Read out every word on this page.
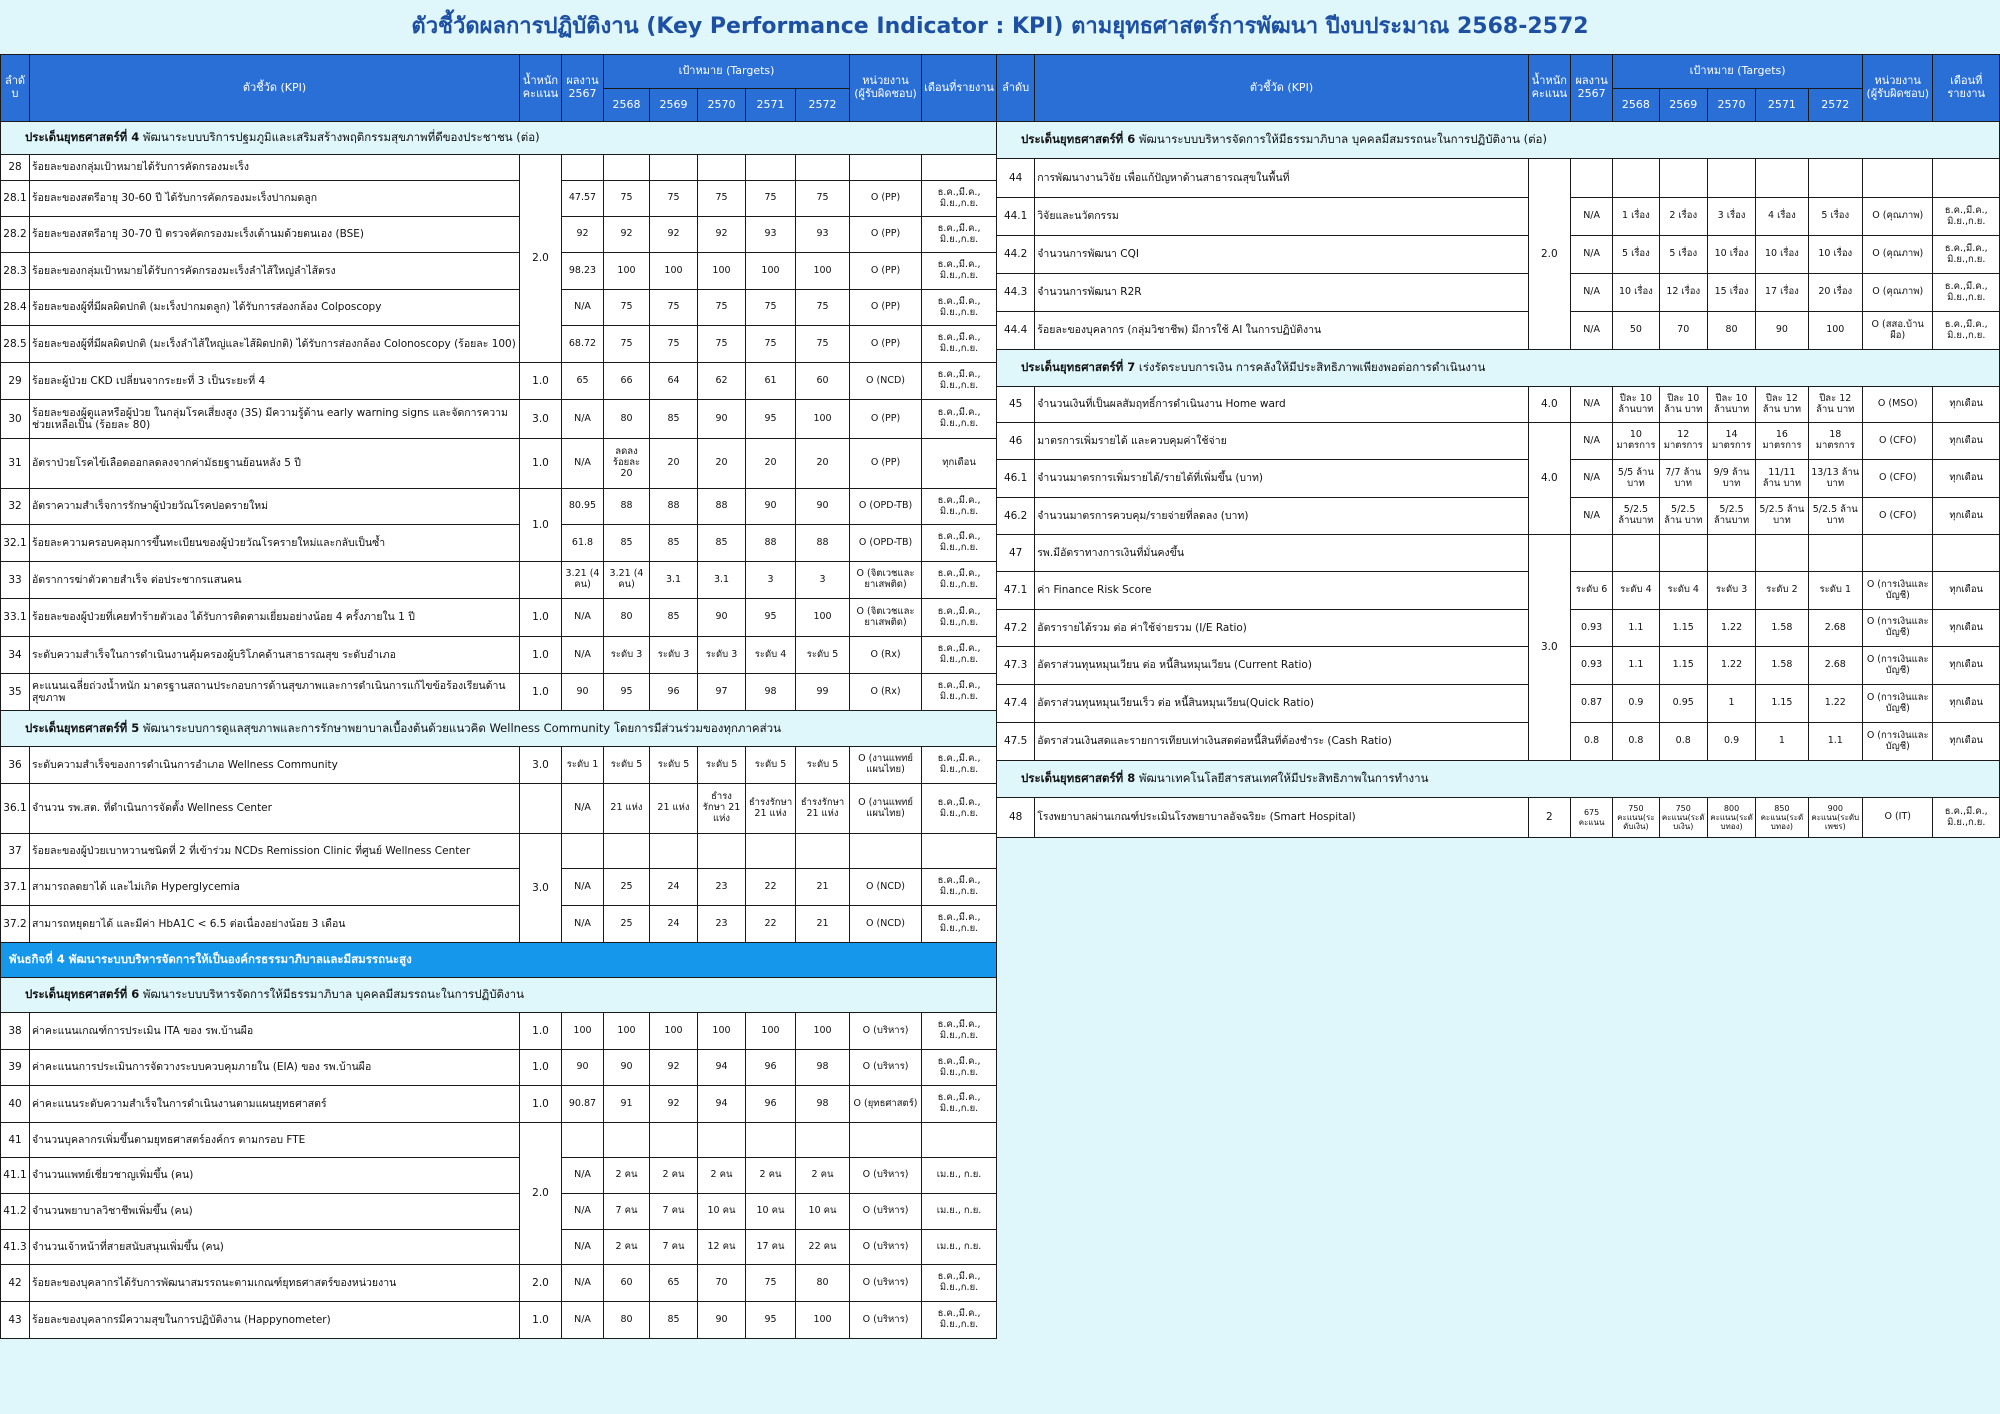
ตัวชี้วัดผลการปฏิบัติงาน (Key Performance Indicator : KPI) ตามยุทธศาสตร์การพัฒนา ปีงบประมาณ 2568-2572
ลำดับ	ตัวชี้วัด (KPI)	น้ำหนักคะแนน	ผลงาน 2567	เป้าหมาย (Targets)					หน่วยงาน (ผู้รับผิดชอบ)	เดือนที่รายงาน
				2568	2569	2570	2571	2572		
ประเด็นยุทธศาสตร์ที่ 4 พัฒนาระบบบริการปฐมภูมิและเสริมสร้างพฤติกรรมสุขภาพที่ดีของประชาชน (ต่อ)										
28	ร้อยละของกลุ่มเป้าหมายได้รับการคัดกรองมะเร็ง	2.0								
28.1	ร้อยละของสตรีอายุ 30-60 ปี ได้รับการคัดกรองมะเร็งปากมดลูก		47.57	75	75	75	75	75	O (PP)	ธ.ค.,มี.ค., มิ.ย.,ก.ย.
28.2	ร้อยละของสตรีอายุ 30-70 ปี ตรวจคัดกรองมะเร็งเต้านมด้วยตนเอง (BSE)		92	92	92	92	93	93	O (PP)	ธ.ค.,มี.ค., มิ.ย.,ก.ย.
28.3	ร้อยละของกลุ่มเป้าหมายได้รับการคัดกรองมะเร็งลำไส้ใหญ่ลำไส้ตรง		98.23	100	100	100	100	100	O (PP)	ธ.ค.,มี.ค., มิ.ย.,ก.ย.
28.4	ร้อยละของผู้ที่มีผลผิดปกติ (มะเร็งปากมดลูก) ได้รับการส่องกล้อง Colposcopy		N/A	75	75	75	75	75	O (PP)	ธ.ค.,มี.ค., มิ.ย.,ก.ย.
28.5	ร้อยละของผู้ที่มีผลผิดปกติ (มะเร็งลำไส้ใหญ่และไส้ผิดปกติ) ได้รับการส่องกล้อง Colonoscopy (ร้อยละ 100)		68.72	75	75	75	75	75	O (PP)	ธ.ค.,มี.ค., มิ.ย.,ก.ย.
29	ร้อยละผู้ป่วย CKD เปลี่ยนจากระยะที่ 3 เป็นระยะที่ 4	1.0	65	66	64	62	61	60	O (NCD)	ธ.ค.,มี.ค., มิ.ย.,ก.ย.
30	ร้อยละของผู้ดูแลหรือผู้ป่วย ในกลุ่มโรคเสี่ยงสูง (3S) มีความรู้ด้าน early warning signs และจัดการความช่วยเหลือเป็น (ร้อยละ 80)	3.0	N/A	80	85	90	95	100	O (PP)	ธ.ค.,มี.ค., มิ.ย.,ก.ย.
31	อัตราป่วยโรคไข้เลือดออกลดลงจากค่ามัธยฐานย้อนหลัง 5 ปี	1.0	N/A	ลดลง ร้อยละ 20	20	20	20	20	O (PP)	ทุกเดือน
32	อัตราความสำเร็จการรักษาผู้ป่วยวัณโรคปอดรายใหม่	1.0	80.95	88	88	88	90	90	O (OPD-TB)	ธ.ค.,มี.ค., มิ.ย.,ก.ย.
32.1	ร้อยละความครอบคลุมการขึ้นทะเบียนของผู้ป่วยวัณโรครายใหม่และกลับเป็นซ้ำ		61.8	85	85	85	88	88	O (OPD-TB)	ธ.ค.,มี.ค., มิ.ย.,ก.ย.
33	อัตราการฆ่าตัวตายสำเร็จ ต่อประชากรแสนคน		3.21 (4 คน)	3.21 (4 คน)	3.1	3.1	3	3	O (จิตเวชและ ยาเสพติด)	ธ.ค.,มี.ค., มิ.ย.,ก.ย.
33.1	ร้อยละของผู้ป่วยที่เคยทำร้ายตัวเอง ได้รับการติดตามเยี่ยมอย่างน้อย 4 ครั้งภายใน 1 ปี	1.0	N/A	80	85	90	95	100	O (จิตเวชและ ยาเสพติด)	ธ.ค.,มี.ค., มิ.ย.,ก.ย.
34	ระดับความสำเร็จในการดำเนินงานคุ้มครองผู้บริโภคด้านสาธารณสุข ระดับอำเภอ	1.0	N/A	ระดับ 3	ระดับ 3	ระดับ 3	ระดับ 4	ระดับ 5	O (Rx)	ธ.ค.,มี.ค., มิ.ย.,ก.ย.
35	คะแนนเฉลี่ยถ่วงน้ำหนัก มาตรฐานสถานประกอบการด้านสุขภาพและการดำเนินการแก้ไขข้อร้องเรียนด้านสุขภาพ	1.0	90	95	96	97	98	99	O (Rx)	ธ.ค.,มี.ค., มิ.ย.,ก.ย.
ประเด็นยุทธศาสตร์ที่ 5 พัฒนาระบบการดูแลสุขภาพและการรักษาพยาบาลเบื้องต้นด้วยแนวคิด Wellness Community โดยการมีส่วนร่วมของทุกภาคส่วน										
36	ระดับความสำเร็จของการดำเนินการอำเภอ Wellness Community	3.0	ระดับ 1	ระดับ 5	ระดับ 5	ระดับ 5	ระดับ 5	ระดับ 5	O (งานแพทย์ แผนไทย)	ธ.ค.,มี.ค., มิ.ย.,ก.ย.
36.1	จำนวน รพ.สต. ที่ดำเนินการจัดตั้ง Wellness Center		N/A	21 แห่ง	21 แห่ง	ธำรง รักษา 21 แห่ง	ธำรงรักษา 21 แห่ง	ธำรงรักษา 21 แห่ง	O (งานแพทย์ แผนไทย)	ธ.ค.,มี.ค., มิ.ย.,ก.ย.
37	ร้อยละของผู้ป่วยเบาหวานชนิดที่ 2 ที่เข้าร่วม NCDs Remission Clinic ที่ศูนย์ Wellness Center	3.0								
37.1	สามารถลดยาได้ และไม่เกิด Hyperglycemia		N/A	25	24	23	22	21	O (NCD)	ธ.ค.,มี.ค., มิ.ย.,ก.ย.
37.2	สามารถหยุดยาได้ และมีค่า HbA1C < 6.5 ต่อเนื่องอย่างน้อย 3 เดือน		N/A	25	24	23	22	21	O (NCD)	ธ.ค.,มี.ค., มิ.ย.,ก.ย.
พันธกิจที่ 4 พัฒนาระบบบริหารจัดการให้เป็นองค์กรธรรมาภิบาลและมีสมรรถนะสูง										
ประเด็นยุทธศาสตร์ที่ 6 พัฒนาระบบบริหารจัดการให้มีธรรมาภิบาล บุคคลมีสมรรถนะในการปฏิบัติงาน										
38	ค่าคะแนนเกณฑ์การประเมิน ITA ของ รพ.บ้านผือ	1.0	100	100	100	100	100	100	O (บริหาร)	ธ.ค.,มี.ค., มิ.ย.,ก.ย.
39	ค่าคะแนนการประเมินการจัดวางระบบควบคุมภายใน (EIA) ของ รพ.บ้านผือ	1.0	90	90	92	94	96	98	O (บริหาร)	ธ.ค.,มี.ค., มิ.ย.,ก.ย.
40	ค่าคะแนนระดับความสำเร็จในการดำเนินงานตามแผนยุทธศาสตร์	1.0	90.87	91	92	94	96	98	O (ยุทธศาสตร์)	ธ.ค.,มี.ค., มิ.ย.,ก.ย.
41	จำนวนบุคลากรเพิ่มขึ้นตามยุทธศาสตร์องค์กร ตามกรอบ FTE	2.0								
41.1	จำนวนแพทย์เชี่ยวชาญเพิ่มขึ้น (คน)		N/A	2 คน	2 คน	2 คน	2 คน	2 คน	O (บริหาร)	เม.ย., ก.ย.
41.2	จำนวนพยาบาลวิชาชีพเพิ่มขึ้น (คน)		N/A	7 คน	7 คน	10 คน	10 คน	10 คน	O (บริหาร)	เม.ย., ก.ย.
41.3	จำนวนเจ้าหน้าที่สายสนับสนุนเพิ่มขึ้น (คน)		N/A	2 คน	7 คน	12 คน	17 คน	22 คน	O (บริหาร)	เม.ย., ก.ย.
42	ร้อยละของบุคลากรได้รับการพัฒนาสมรรถนะตามเกณฑ์ยุทธศาสตร์ของหน่วยงาน	2.0	N/A	60	65	70	75	80	O (บริหาร)	ธ.ค.,มี.ค., มิ.ย.,ก.ย.
43	ร้อยละของบุคลากรมีความสุขในการปฏิบัติงาน (Happynometer)	1.0	N/A	80	85	90	95	100	O (บริหาร)	ธ.ค.,มี.ค., มิ.ย.,ก.ย.
ลำดับ	ตัวชี้วัด (KPI)	น้ำหนักคะแนน	ผลงาน 2567	เป้าหมาย (Targets)					หน่วยงาน (ผู้รับผิดชอบ)	เดือนที่รายงาน
				2568	2569	2570	2571	2572		
ประเด็นยุทธศาสตร์ที่ 6 พัฒนาระบบบริหารจัดการให้มีธรรมาภิบาล บุคคลมีสมรรถนะในการปฏิบัติงาน (ต่อ)										
44	การพัฒนางานวิจัย เพื่อแก้ปัญหาด้านสาธารณสุขในพื้นที่	2.0								
44.1	วิจัยและนวัตกรรม		N/A	1 เรื่อง	2 เรื่อง	3 เรื่อง	4 เรื่อง	5 เรื่อง	O (คุณภาพ)	ธ.ค.,มี.ค., มิ.ย.,ก.ย.
44.2	จำนวนการพัฒนา CQI		N/A	5 เรื่อง	5 เรื่อง	10 เรื่อง	10 เรื่อง	10 เรื่อง	O (คุณภาพ)	ธ.ค.,มี.ค., มิ.ย.,ก.ย.
44.3	จำนวนการพัฒนา R2R		N/A	10 เรื่อง	12 เรื่อง	15 เรื่อง	17 เรื่อง	20 เรื่อง	O (คุณภาพ)	ธ.ค.,มี.ค., มิ.ย.,ก.ย.
44.4	ร้อยละของบุคลากร (กลุ่มวิชาชีพ) มีการใช้ AI ในการปฏิบัติงาน		N/A	50	70	80	90	100	O (สสอ.บ้าน ผือ)	ธ.ค.,มี.ค., มิ.ย.,ก.ย.
ประเด็นยุทธศาสตร์ที่ 7 เร่งรัดระบบการเงิน การคลังให้มีประสิทธิภาพเพียงพอต่อการดำเนินงาน										
45	จำนวนเงินที่เป็นผลสัมฤทธิ์การดำเนินงาน Home ward	4.0	N/A	ปีละ 10 ล้านบาท	ปีละ 10 ล้าน บาท	ปีละ 10 ล้านบาท	ปีละ 12 ล้าน บาท	ปีละ 12 ล้าน บาท	O (MSO)	ทุกเดือน
46	มาตรการเพิ่มรายได้ และควบคุมค่าใช้จ่าย	4.0	N/A	10 มาตรการ	12 มาตรการ	14 มาตรการ	16 มาตรการ	18 มาตรการ	O (CFO)	ทุกเดือน
46.1	จำนวนมาตรการเพิ่มรายได้/รายได้ที่เพิ่มขึ้น (บาท)		N/A	5/5 ล้าน บาท	7/7 ล้าน บาท	9/9 ล้าน บาท	11/11 ล้าน บาท	13/13 ล้าน บาท	O (CFO)	ทุกเดือน
46.2	จำนวนมาตรการควบคุม/รายจ่ายที่ลดลง (บาท)		N/A	5/2.5 ล้านบาท	5/2.5 ล้าน บาท	5/2.5 ล้านบาท	5/2.5 ล้าน บาท	5/2.5 ล้าน บาท	O (CFO)	ทุกเดือน
47	รพ.มีอัตราทางการเงินที่มั่นคงขึ้น	3.0								
47.1	ค่า Finance Risk Score		ระดับ 6	ระดับ 4	ระดับ 4	ระดับ 3	ระดับ 2	ระดับ 1	O (การเงินและ บัญชี)	ทุกเดือน
47.2	อัตรารายได้รวม ต่อ ค่าใช้จ่ายรวม (I/E Ratio)		0.93	1.1	1.15	1.22	1.58	2.68	O (การเงินและ บัญชี)	ทุกเดือน
47.3	อัตราส่วนทุนหมุนเวียน ต่อ หนี้สินหมุนเวียน (Current Ratio)		0.93	1.1	1.15	1.22	1.58	2.68	O (การเงินและ บัญชี)	ทุกเดือน
47.4	อัตราส่วนทุนหมุนเวียนเร็ว ต่อ หนี้สินหมุนเวียน(Quick Ratio)		0.87	0.9	0.95	1	1.15	1.22	O (การเงินและ บัญชี)	ทุกเดือน
47.5	อัตราส่วนเงินสดและรายการเทียบเท่าเงินสดต่อหนี้สินที่ต้องชำระ (Cash Ratio)		0.8	0.8	0.8	0.9	1	1.1	O (การเงินและ บัญชี)	ทุกเดือน
ประเด็นยุทธศาสตร์ที่ 8 พัฒนาเทคโนโลยีสารสนเทศให้มีประสิทธิภาพในการทำงาน										
48	โรงพยาบาลผ่านเกณฑ์ประเมินโรงพยาบาลอัจฉริยะ (Smart Hospital)	2	675 คะแนน	750 คะแนน(ระดับเงิน)	750 คะแนน(ระดับเงิน)	800 คะแนน(ระดับทอง)	850 คะแนน(ระดับทอง)	900 คะแนน(ระดับเพชร)	O (IT)	ธ.ค.,มี.ค., มิ.ย.,ก.ย.
